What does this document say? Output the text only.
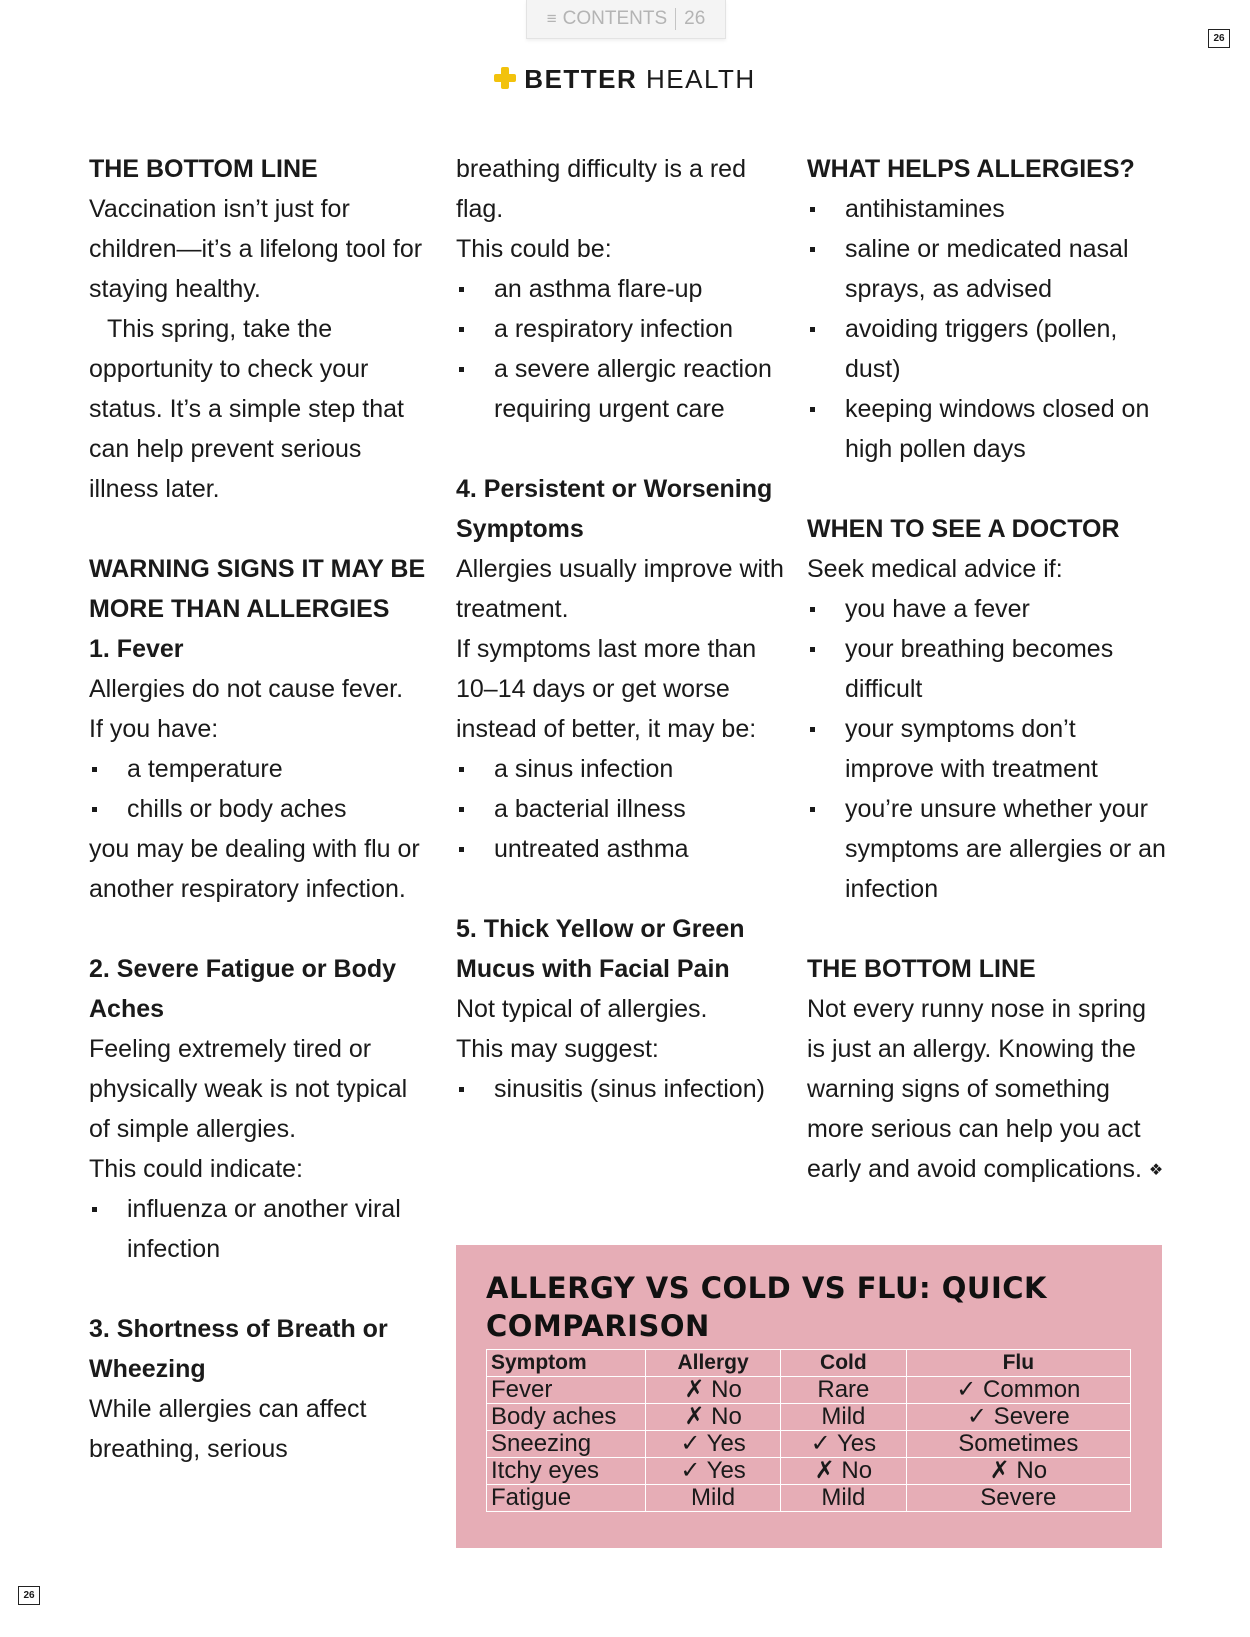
≡ CONTENTS 26
26
26
BETTER HEALTH
THE BOTTOM LINE

Vaccination isn’t just for children—it’s a lifelong tool for staying healthy.

This spring, take the opportunity to check your status. It’s a simple step that can help prevent serious illness later.

WARNING SIGNS IT MAY BE MORE THAN ALLERGIES
1. Fever

Allergies do not cause fever.

If you have:

a temperature
chills or body aches

you may be dealing with flu or another respiratory infection.

2. Severe Fatigue or Body Aches

Feeling extremely tired or physically weak is not typical of simple allergies.

This could indicate:

influenza or another viral infection
3. Shortness of Breath or Wheezing

While allergies can affect breathing, serious

breathing difficulty is a red flag.

This could be:

an asthma flare-up
a respiratory infection
a severe allergic reaction requiring urgent care
4. Persistent or Worsening Symptoms

Allergies usually improve with treatment.

If symptoms last more than 10–14 days or get worse instead of better, it may be:

a sinus infection
a bacterial illness
untreated asthma
5. Thick Yellow or Green Mucus with Facial Pain

Not typical of allergies.

This may suggest:

sinusitis (sinus infection)
WHAT HELPS ALLERGIES?
antihistamines
saline or medicated nasal sprays, as advised
avoiding triggers (pollen, dust)
keeping windows closed on high pollen days
WHEN TO SEE A DOCTOR

Seek medical advice if:

you have a fever
your breathing becomes difficult
your symptoms don’t improve with treatment
you’re unsure whether your symptoms are allergies or an infection
THE BOTTOM LINE

Not every runny nose in spring is just an allergy. Knowing the warning signs of something more serious can help you act early and avoid complications. ❖

ALLERGY VS COLD VS FLU: QUICK COMPARISON
Symptom	Allergy	Cold	Flu
Fever	✗ No	Rare	✓ Common
Body aches	✗ No	Mild	✓ Severe
Sneezing	✓ Yes	✓ Yes	Sometimes
Itchy eyes	✓ Yes	✗ No	✗ No
Fatigue	Mild	Mild	Severe
